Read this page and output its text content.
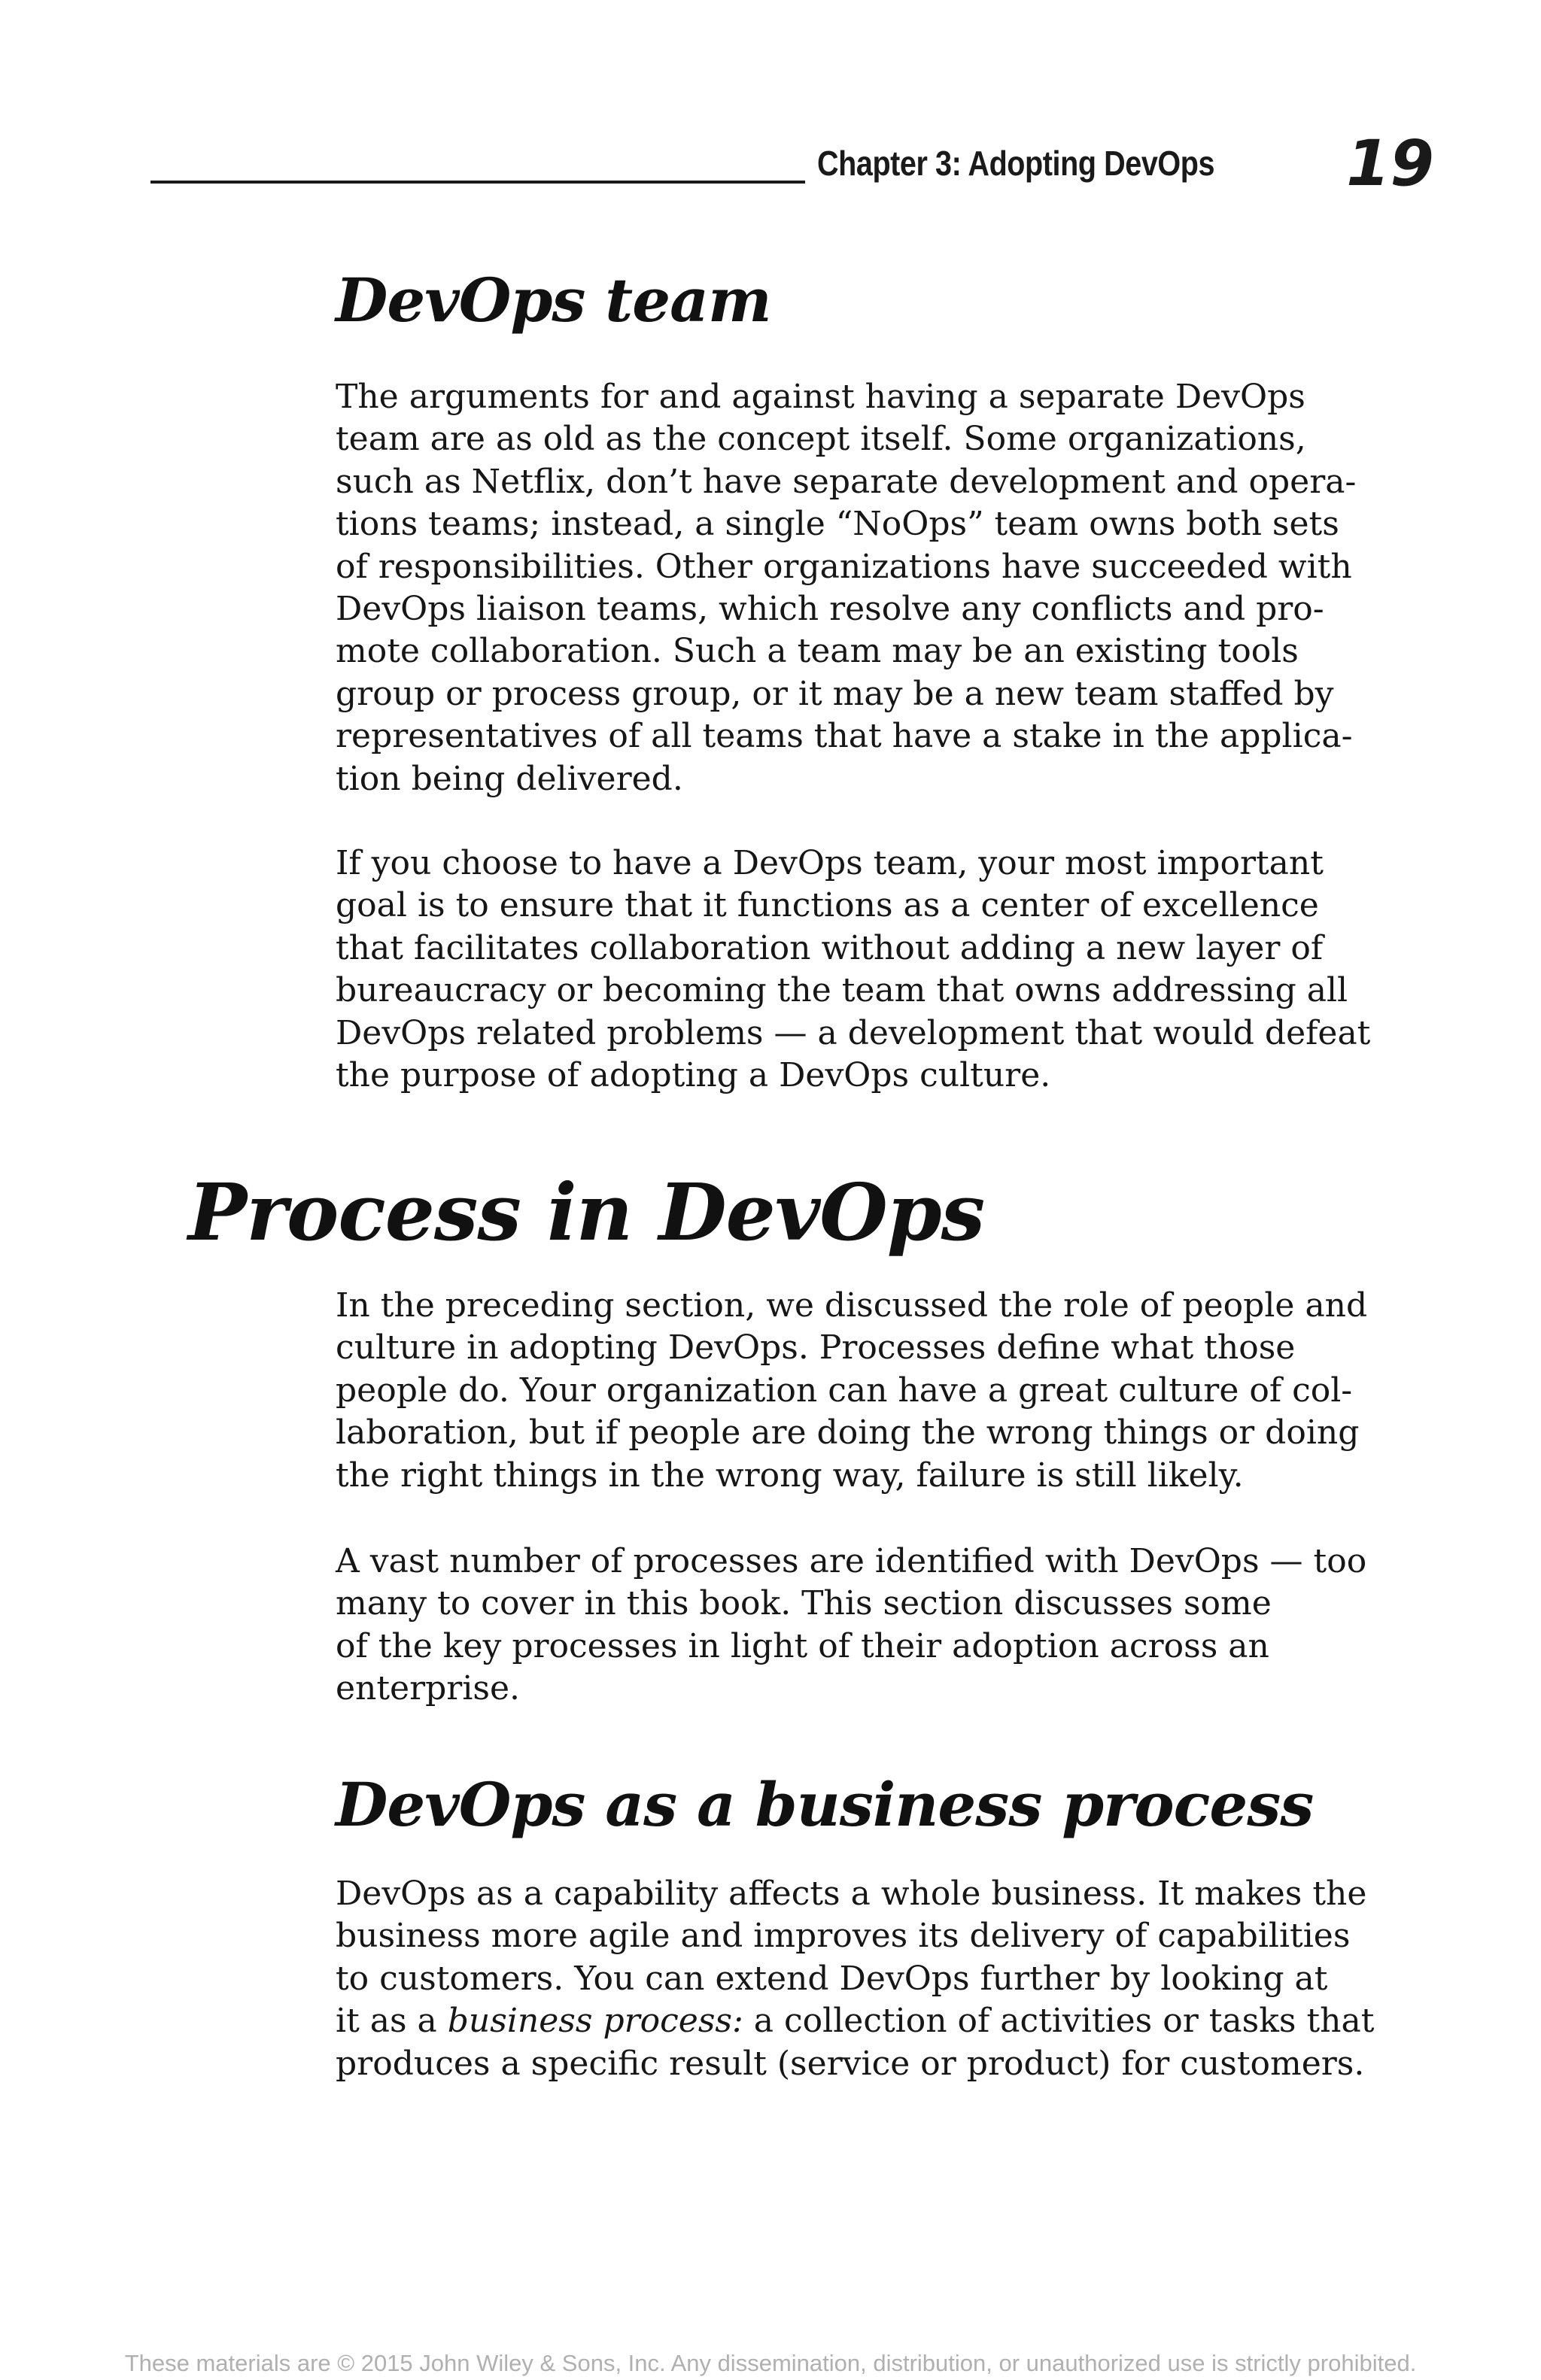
Chapter 3: Adopting DevOps 19
DevOps team
The arguments for and against having a separate DevOps
team are as old as the concept itself. Some organizations,
such as Netflix, don’t have separate development and opera-
tions teams; instead, a single “NoOps” team owns both sets
of responsibilities. Other organizations have succeeded with
DevOps liaison teams, which resolve any conflicts and pro-
mote collaboration. Such a team may be an existing tools
group or process group, or it may be a new team staffed by
representatives of all teams that have a stake in the applica-
tion being delivered.
If you choose to have a DevOps team, your most important
goal is to ensure that it functions as a center of excellence
that facilitates collaboration without adding a new layer of
bureaucracy or becoming the team that owns addressing all
DevOps related problems — a development that would defeat
the purpose of adopting a DevOps culture.
Process in DevOps
In the preceding section, we discussed the role of people and
culture in adopting DevOps. Processes define what those
people do. Your organization can have a great culture of col-
laboration, but if people are doing the wrong things or doing
the right things in the wrong way, failure is still likely.
A vast number of processes are identified with DevOps — too
many to cover in this book. This section discusses some
of the key processes in light of their adoption across an
enterprise.
DevOps as a business process
DevOps as a capability affects a whole business. It makes the
business more agile and improves its delivery of capabilities
to customers. You can extend DevOps further by looking at
it as a business process: a collection of activities or tasks that
produces a specific result (service or product) for customers.
These materials are © 2015 John Wiley & Sons, Inc. Any dissemination, distribution, or unauthorized use is strictly prohibited.
